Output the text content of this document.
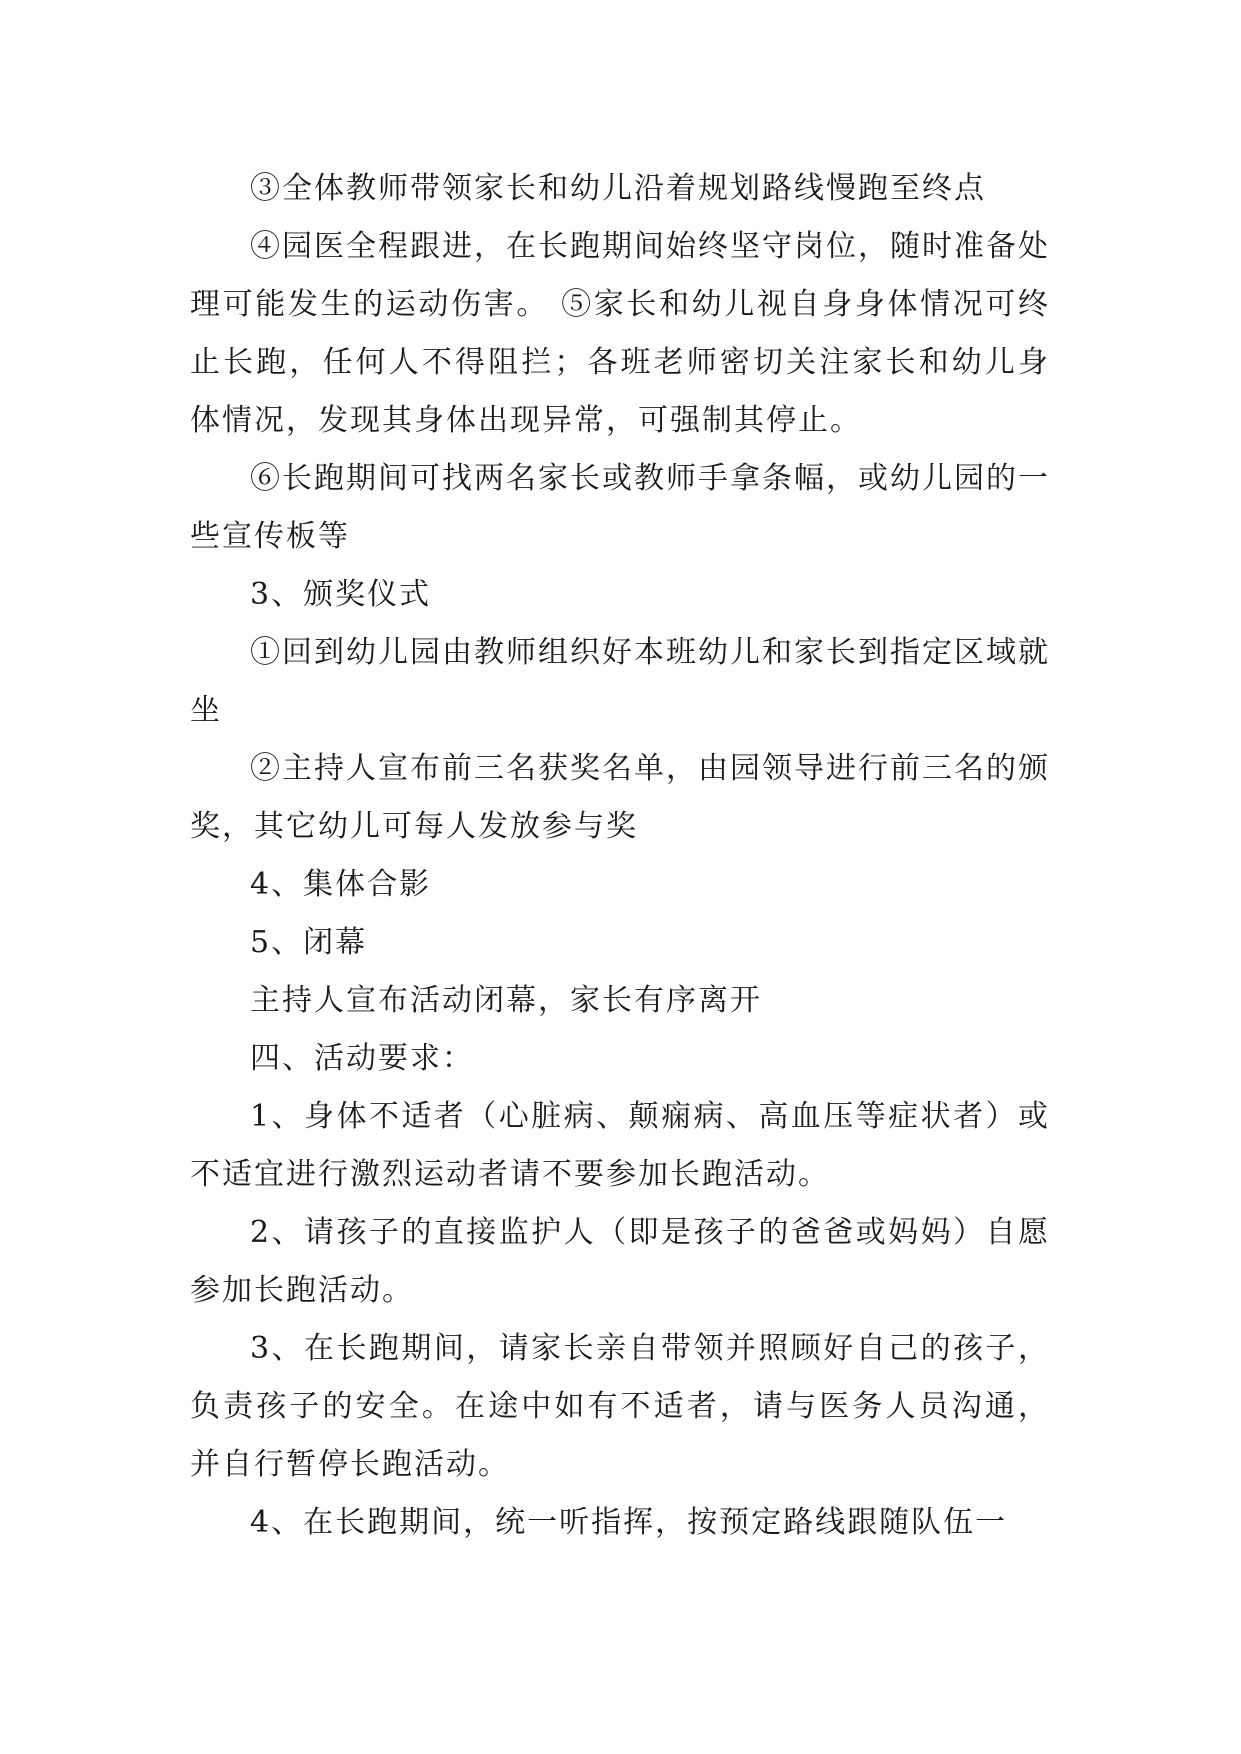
③全体教师带领家长和幼儿沿着规划路线慢跑至终点

④园医全程跟进，在长跑期间始终坚守岗位，随时准备处理可能发生的运动伤害。 ⑤家长和幼儿视自身身体情况可终止长跑，任何人不得阻拦；各班老师密切关注家长和幼儿身体情况，发现其身体出现异常，可强制其停止。

⑥长跑期间可找两名家长或教师手拿条幅，或幼儿园的一些宣传板等

3、颁奖仪式

①回到幼儿园由教师组织好本班幼儿和家长到指定区域就坐

②主持人宣布前三名获奖名单，由园领导进行前三名的颁奖，其它幼儿可每人发放参与奖

4、集体合影

5、闭幕

主持人宣布活动闭幕，家长有序离开

四、活动要求：

1、身体不适者（心脏病、颠痫病、高血压等症状者）或不适宜进行激烈运动者请不要参加长跑活动。

2、请孩子的直接监护人（即是孩子的爸爸或妈妈）自愿参加长跑活动。

3、在长跑期间，请家长亲自带领并照顾好自己的孩子，负责孩子的安全。在途中如有不适者，请与医务人员沟通，并自行暂停长跑活动。

4、在长跑期间，统一听指挥，按预定路线跟随队伍一
